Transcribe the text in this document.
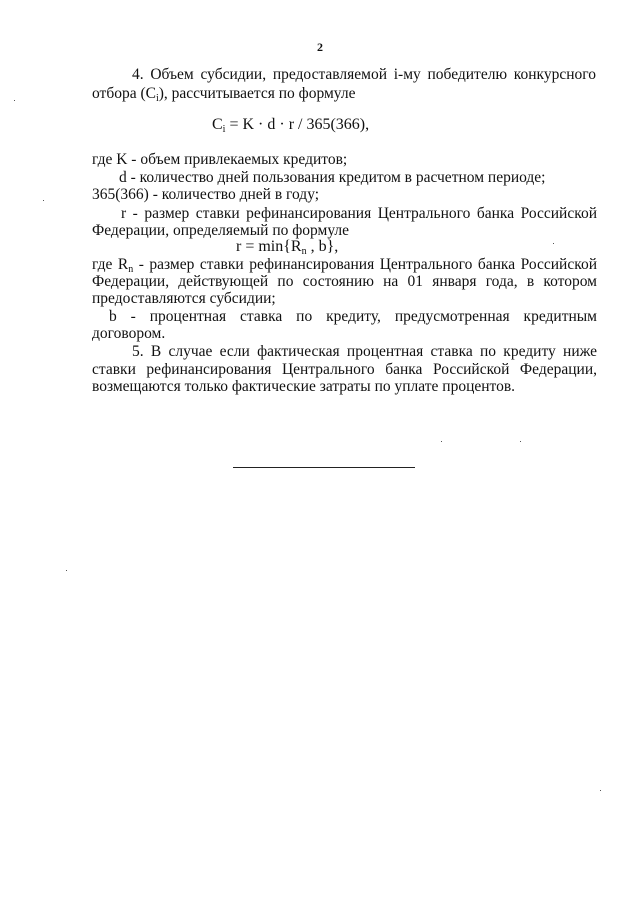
2
4. Объем субсидии, предоставляемой i-му победителю конкурсного
отбора $(C_i)$, рассчитывается по формуле
$C_i = K \cdot d \cdot r / 365(366)$,
где K - объем привлекаемых кредитов;
d - количество дней пользования кредитом в расчетном периоде;
365(366) - количество дней в году;
r - размер ставки рефинансирования Центрального банка Российской
Федерации, определяемый по формуле
$r = \min\{R_n$ , b},
где $R_n$ - размер ставки рефинансирования Центрального банка Российской
Федерации, действующей по состоянию на 01 января года, в котором
предоставляются субсидии;
b - процентная ставка по кредиту, предусмотренная кредитным
договором.
5. В случае если фактическая процентная ставка по кредиту ниже
ставки рефинансирования Центрального банка Российской Федерации,
возмещаются только фактические затраты по уплате процентов.
